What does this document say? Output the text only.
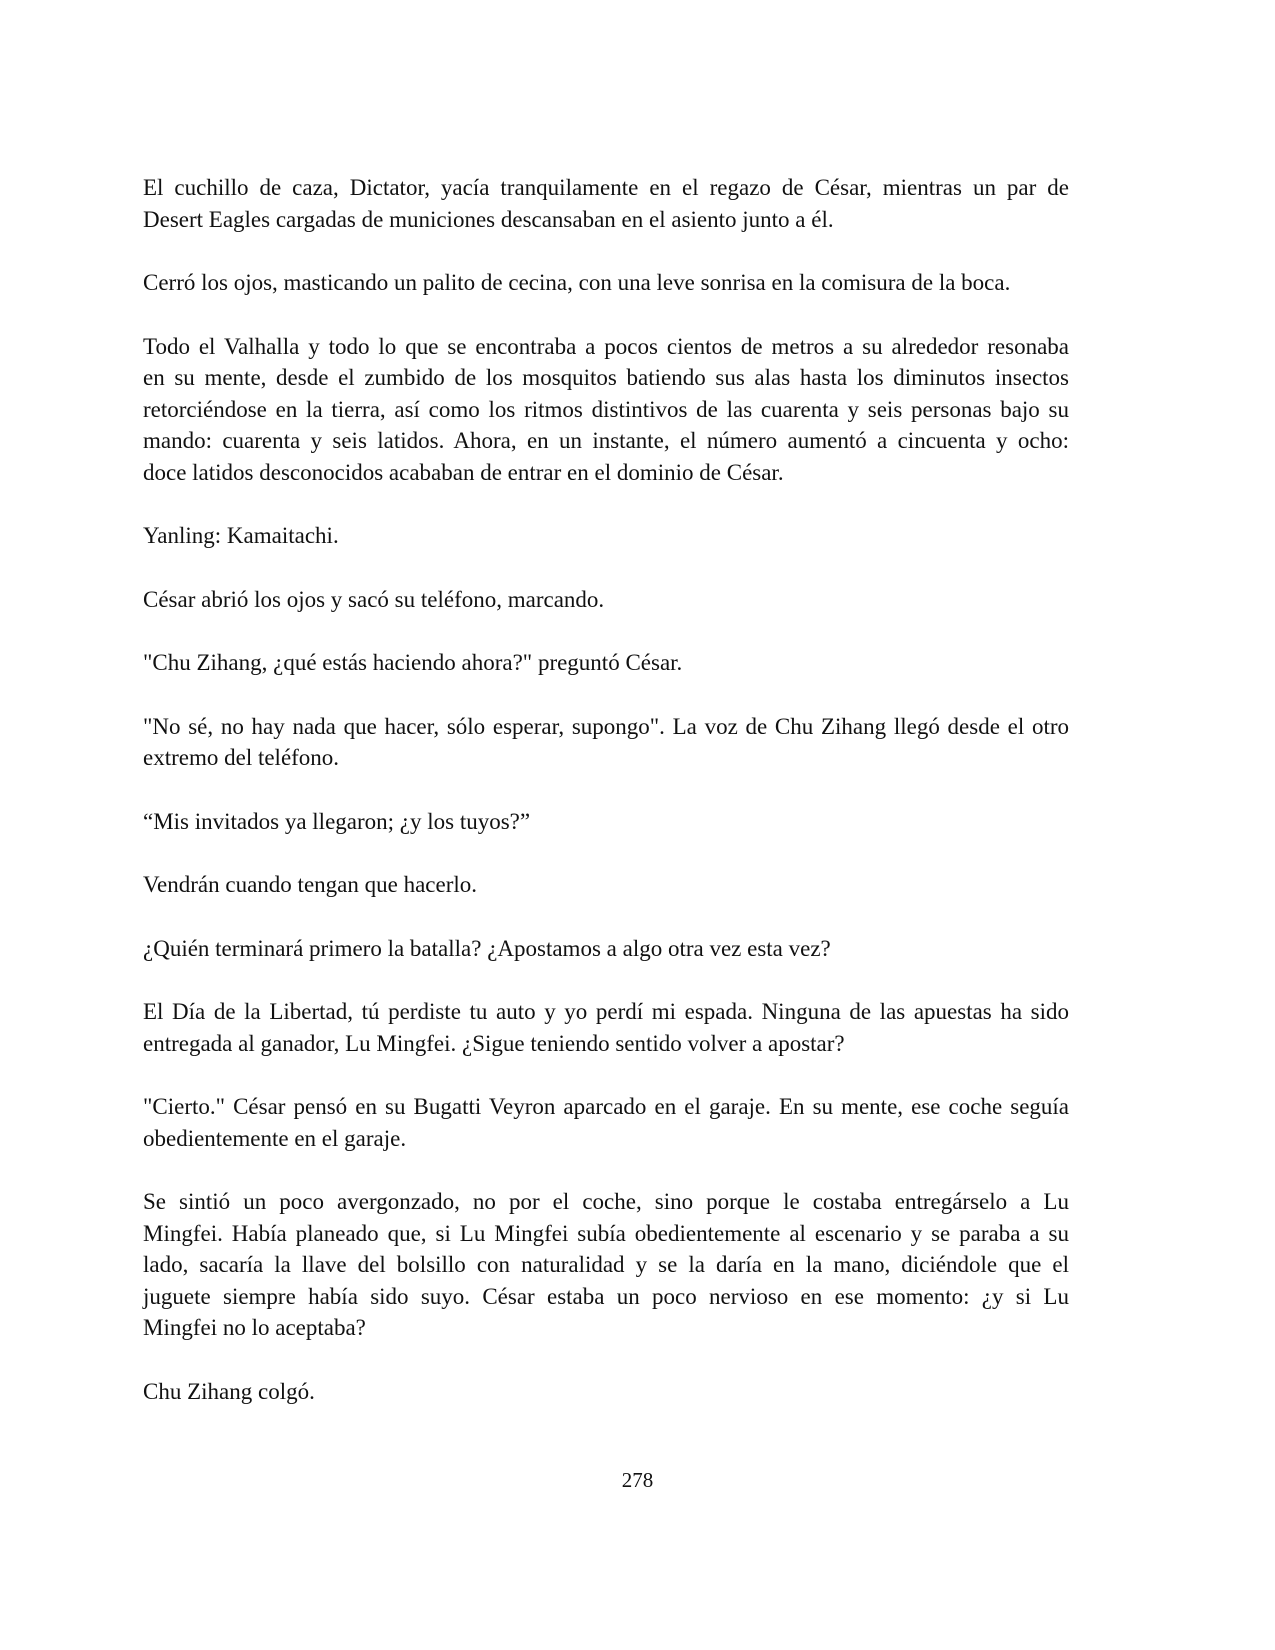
El cuchillo de caza, Dictator, yacía tranquilamente en el regazo de César, mientras un par de
Desert Eagles cargadas de municiones descansaban en el asiento junto a él.
Cerró los ojos, masticando un palito de cecina, con una leve sonrisa en la comisura de la boca.
Todo el Valhalla y todo lo que se encontraba a pocos cientos de metros a su alrededor resonaba
en su mente, desde el zumbido de los mosquitos batiendo sus alas hasta los diminutos insectos
retorciéndose en la tierra, así como los ritmos distintivos de las cuarenta y seis personas bajo su
mando: cuarenta y seis latidos. Ahora, en un instante, el número aumentó a cincuenta y ocho:
doce latidos desconocidos acababan de entrar en el dominio de César.
Yanling: Kamaitachi.
César abrió los ojos y sacó su teléfono, marcando.
"Chu Zihang, ¿qué estás haciendo ahora?" preguntó César.
"No sé, no hay nada que hacer, sólo esperar, supongo". La voz de Chu Zihang llegó desde el otro
extremo del teléfono.
“Mis invitados ya llegaron; ¿y los tuyos?”
Vendrán cuando tengan que hacerlo.
¿Quién terminará primero la batalla? ¿Apostamos a algo otra vez esta vez?
El Día de la Libertad, tú perdiste tu auto y yo perdí mi espada. Ninguna de las apuestas ha sido
entregada al ganador, Lu Mingfei. ¿Sigue teniendo sentido volver a apostar?
"Cierto." César pensó en su Bugatti Veyron aparcado en el garaje. En su mente, ese coche seguía
obedientemente en el garaje.
Se sintió un poco avergonzado, no por el coche, sino porque le costaba entregárselo a Lu
Mingfei. Había planeado que, si Lu Mingfei subía obedientemente al escenario y se paraba a su
lado, sacaría la llave del bolsillo con naturalidad y se la daría en la mano, diciéndole que el
juguete siempre había sido suyo. César estaba un poco nervioso en ese momento: ¿y si Lu
Mingfei no lo aceptaba?
Chu Zihang colgó.
278
